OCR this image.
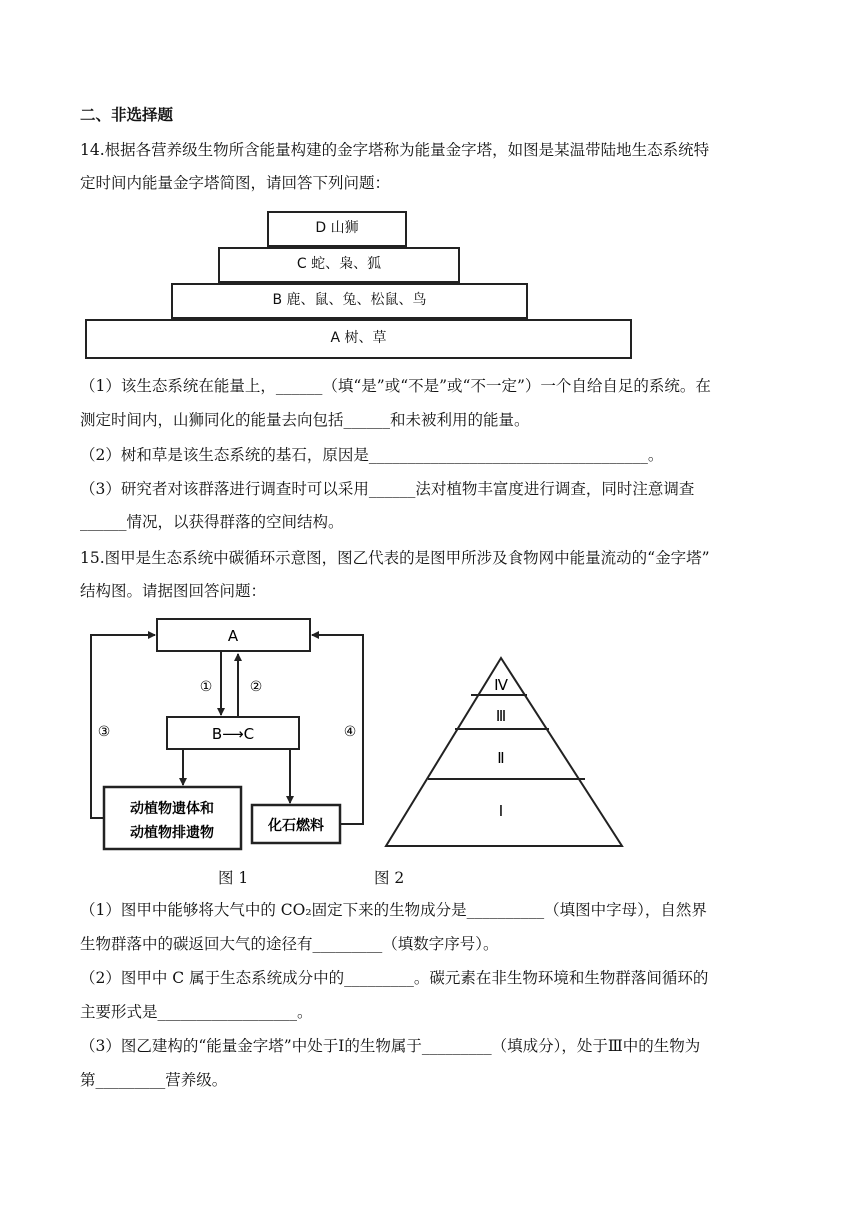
二、非选择题
14.根据各营养级生物所含能量构建的金字塔称为能量金字塔，如图是某温带陆地生态系统特
定时间内能量金字塔简图，请回答下列问题：
D 山狮
C 蛇、枭、狐
B 鹿、鼠、兔、松鼠、鸟
A 树、草
（1）该生态系统在能量上，______（填“是”或“不是”或“不一定”）一个自给自足的系统。在
测定时间内，山狮同化的能量去向包括______和未被利用的能量。
（2）树和草是该生态系统的基石，原因是____________________________________。
（3）研究者对该群落进行调查时可以采用______法对植物丰富度进行调查，同时注意调查
______情况，以获得群落的空间结构。
15.图甲是生态系统中碳循环示意图，图乙代表的是图甲所涉及食物网中能量流动的“金字塔”
结构图。请据图回答问题：
A
B⟶C
动植物遗体和
动植物排遗物	化石燃料
①	②
③	④
Ⅳ
Ⅲ
Ⅱ
Ⅰ
图 1	图 2
（1）图甲中能够将大气中的 CO₂固定下来的生物成分是__________（填图中字母），自然界
生物群落中的碳返回大气的途径有_________（填数字序号）。
（2）图甲中 C 属于生态系统成分中的_________。碳元素在非生物环境和生物群落间循环的
主要形式是__________________。
（3）图乙建构的“能量金字塔”中处于Ⅰ的生物属于_________（填成分），处于Ⅲ中的生物为
第_________营养级。
